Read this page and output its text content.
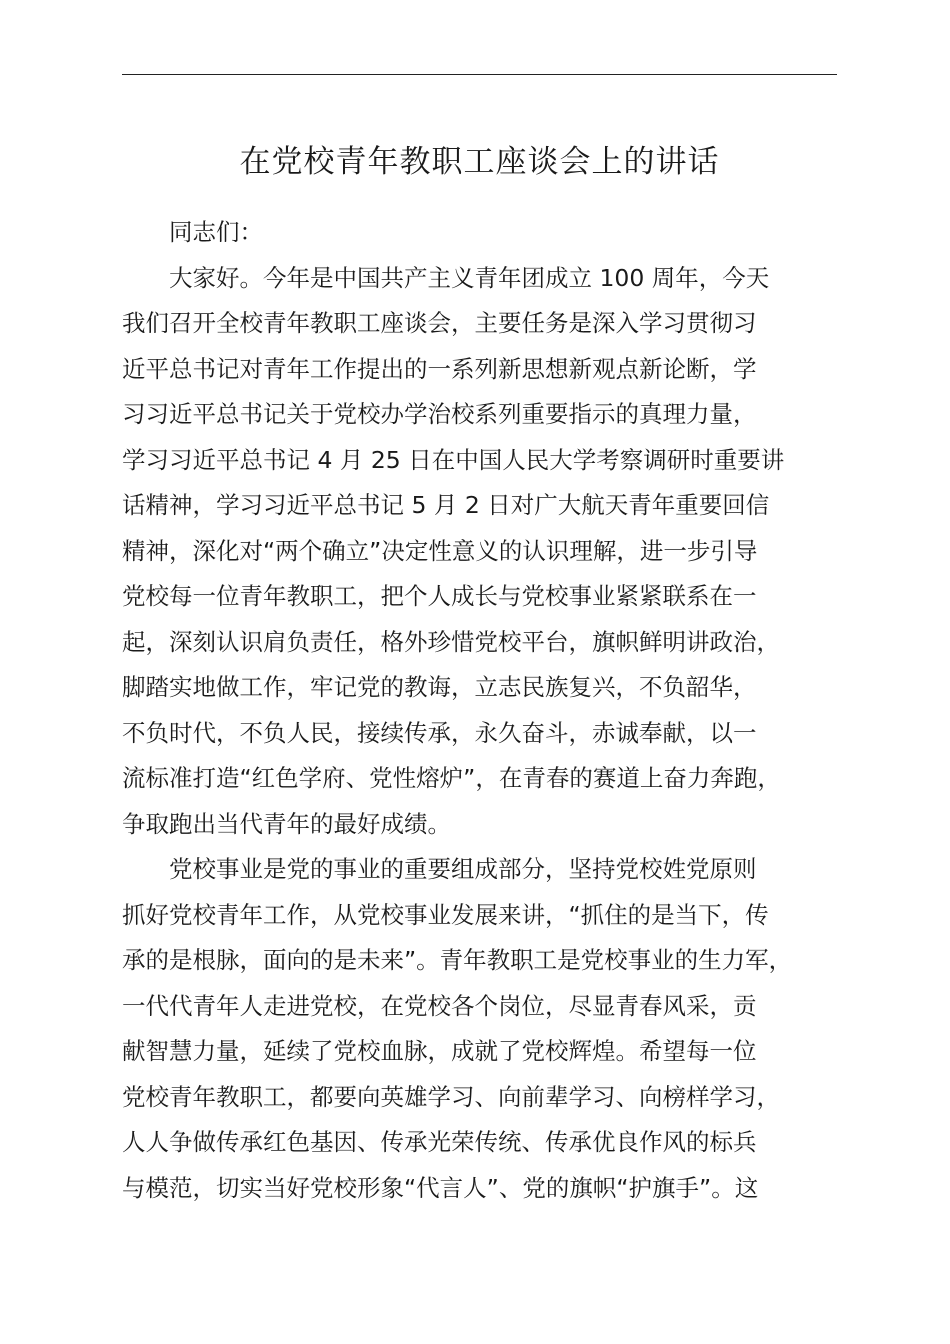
在党校青年教职工座谈会上的讲话

同志们：

大家好。今年是中国共产主义青年团成立 100 周年，今天
我们召开全校青年教职工座谈会，主要任务是深入学习贯彻习
近平总书记对青年工作提出的一系列新思想新观点新论断，学
习习近平总书记关于党校办学治校系列重要指示的真理力量，
学习习近平总书记 4 月 25 日在中国人民大学考察调研时重要讲
话精神，学习习近平总书记 5 月 2 日对广大航天青年重要回信
精神，深化对“两个确立”决定性意义的认识理解，进一步引导
党校每一位青年教职工，把个人成长与党校事业紧紧联系在一
起，深刻认识肩负责任，格外珍惜党校平台，旗帜鲜明讲政治，
脚踏实地做工作，牢记党的教诲，立志民族复兴，不负韶华，
不负时代，不负人民，接续传承，永久奋斗，赤诚奉献，以一
流标准打造“红色学府、党性熔炉”，在青春的赛道上奋力奔跑，
争取跑出当代青年的最好成绩。

党校事业是党的事业的重要组成部分，坚持党校姓党原则
抓好党校青年工作，从党校事业发展来讲，“抓住的是当下，传
承的是根脉，面向的是未来”。青年教职工是党校事业的生力军，
一代代青年人走进党校，在党校各个岗位，尽显青春风采，贡
献智慧力量，延续了党校血脉，成就了党校辉煌。希望每一位
党校青年教职工，都要向英雄学习、向前辈学习、向榜样学习，
人人争做传承红色基因、传承光荣传统、传承优良作风的标兵
与模范，切实当好党校形象“代言人”、党的旗帜“护旗手”。这
